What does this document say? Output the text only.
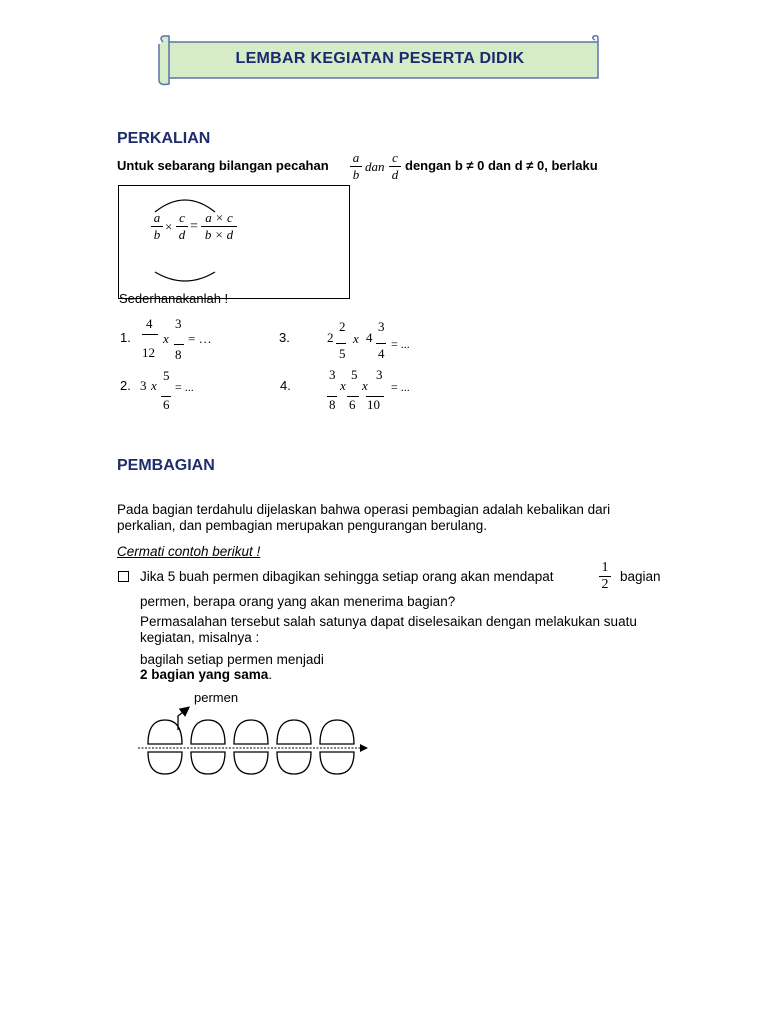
LEMBAR KEGIATAN PESERTA DIDIK
PERKALIAN
Untuk sebarang bilangan pecahan
a
b
dan
c
d
dengan b ≠ 0 dan d ≠ 0, berlaku
a
b
×
c
d
=
a × c
b × d
Sederhanakanlah !
1.
4
12
x
3
8
= …	3.	2
2
5
x 4
3
4
= ...
2. 3 x
5
6
= ...	4.
3
8
x
5
6
x
3
10
= ...
PEMBAGIAN
Pada bagian terdahulu dijelaskan bahwa operasi pembagian adalah kebalikan dari
perkalian, dan pembagian merupakan pengurangan berulang.
Cermati contoh berikut !
Jika 5 buah permen dibagikan sehingga setiap orang akan mendapat
1
2
bagian
permen, berapa orang yang akan menerima bagian?
Permasalahan tersebut salah satunya dapat diselesaikan dengan melakukan suatu
kegiatan, misalnya :
bagilah setiap permen menjadi
2 bagian yang sama.
permen
